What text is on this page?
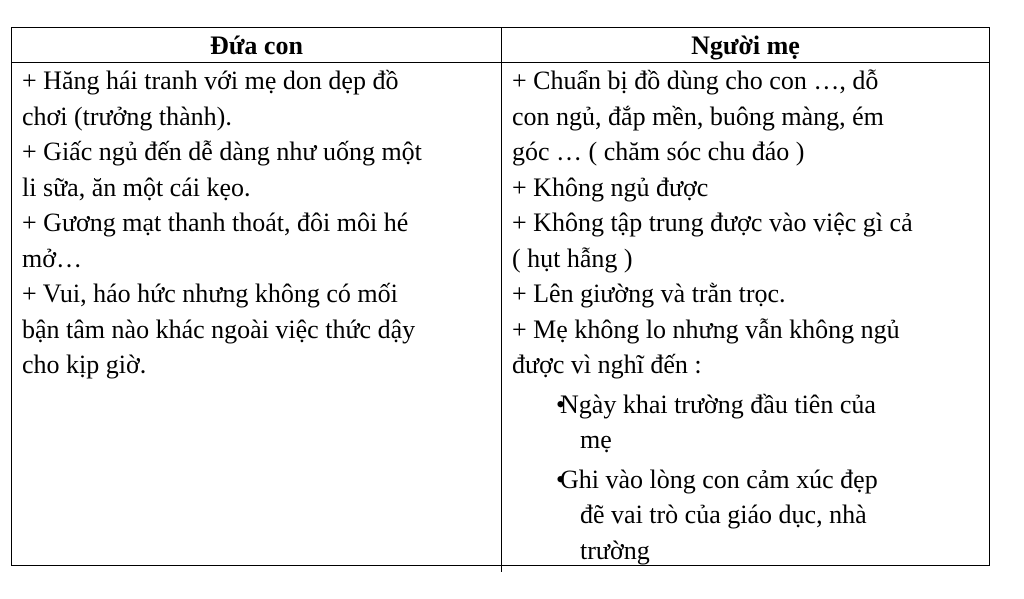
Đứa con	Người mẹ
+ Hăng hái tranh với mẹ don dẹp đồ
chơi (trưởng thành).
+ Giấc ngủ đến dễ dàng như uống một
li sữa, ăn một cái kẹo.
+ Gương mạt thanh thoát, đôi môi hé
mở…
+ Vui, háo hức nhưng không có mối
bận tâm nào khác ngoài việc thức dậy
cho kịp giờ.
+ Chuẩn bị đồ dùng cho con …, dỗ
con ngủ, đắp mền, buông màng, ém
góc … ( chăm sóc chu đáo )
+ Không ngủ được
+ Không tập trung được vào việc gì cả
( hụt hẫng )
+ Lên giường và trằn trọc.
+ Mẹ không lo nhưng vẫn không ngủ
được vì nghĩ đến :
• Ngày khai trường đầu tiên của
mẹ
• Ghi vào lòng con cảm xúc đẹp
đẽ vai trò của giáo dục, nhà
trường
